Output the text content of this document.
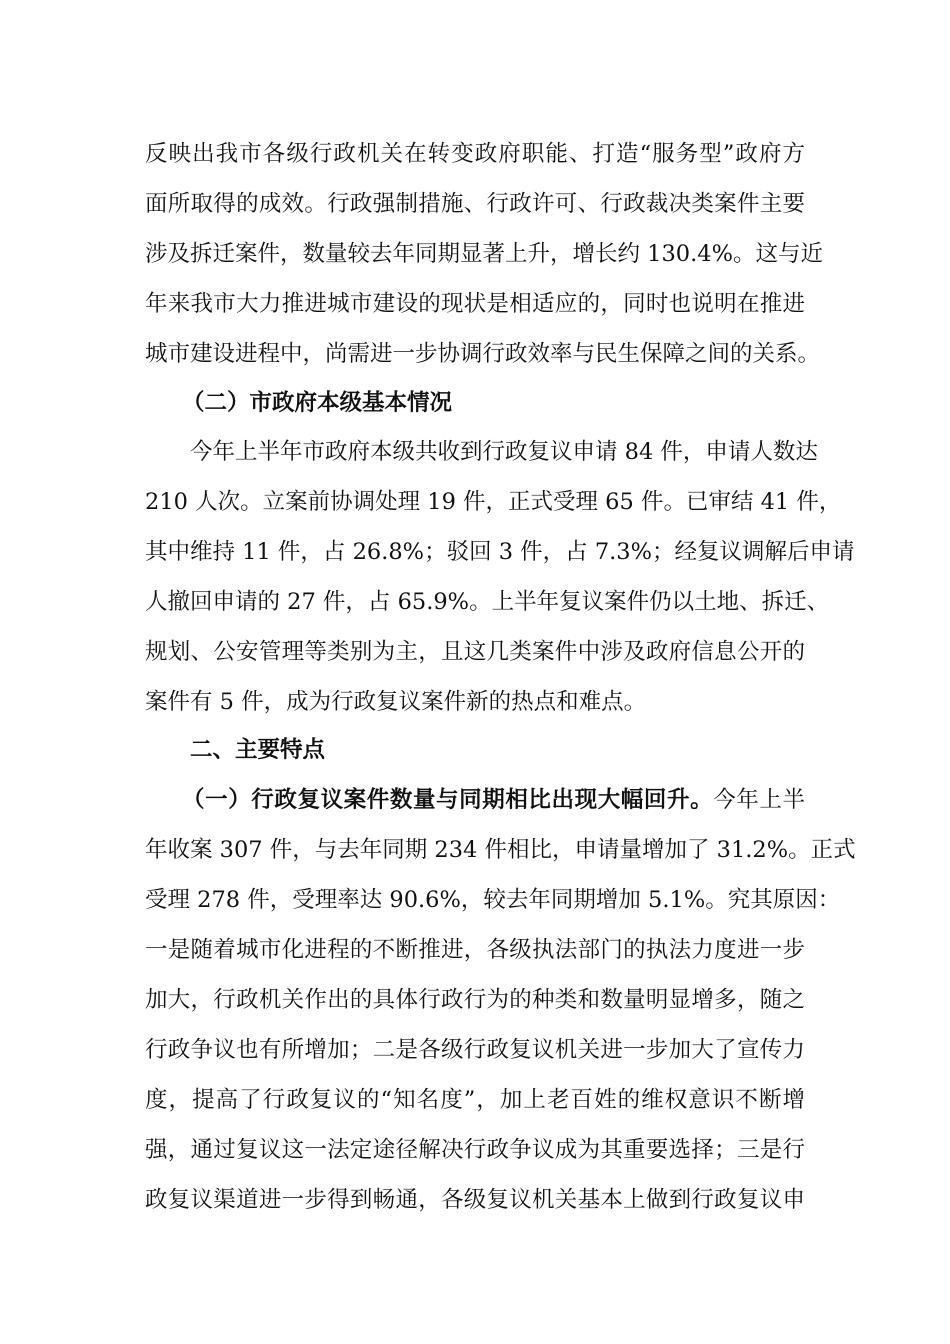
反映出我市各级行政机关在转变政府职能、打造“服务型”政府方
面所取得的成效。行政强制措施、行政许可、行政裁决类案件主要
涉及拆迁案件，数量较去年同期显著上升，增长约 130.4%。这与近
年来我市大力推进城市建设的现状是相适应的，同时也说明在推进
城市建设进程中，尚需进一步协调行政效率与民生保障之间的关系。
（二）市政府本级基本情况
今年上半年市政府本级共收到行政复议申请 84 件，申请人数达
210 人次。立案前协调处理 19 件，正式受理 65 件。已审结 41 件，
其中维持 11 件，占 26.8%；驳回 3 件，占 7.3%；经复议调解后申请
人撤回申请的 27 件，占 65.9%。上半年复议案件仍以土地、拆迁、
规划、公安管理等类别为主，且这几类案件中涉及政府信息公开的
案件有 5 件，成为行政复议案件新的热点和难点。
二、主要特点
（一）行政复议案件数量与同期相比出现大幅回升。今年上半
年收案 307 件，与去年同期 234 件相比，申请量增加了 31.2%。正式
受理 278 件，受理率达 90.6%，较去年同期增加 5.1%。究其原因：
一是随着城市化进程的不断推进，各级执法部门的执法力度进一步
加大，行政机关作出的具体行政行为的种类和数量明显增多，随之
行政争议也有所增加；二是各级行政复议机关进一步加大了宣传力
度，提高了行政复议的“知名度”，加上老百姓的维权意识不断增
强，通过复议这一法定途径解决行政争议成为其重要选择；三是行
政复议渠道进一步得到畅通，各级复议机关基本上做到行政复议申
